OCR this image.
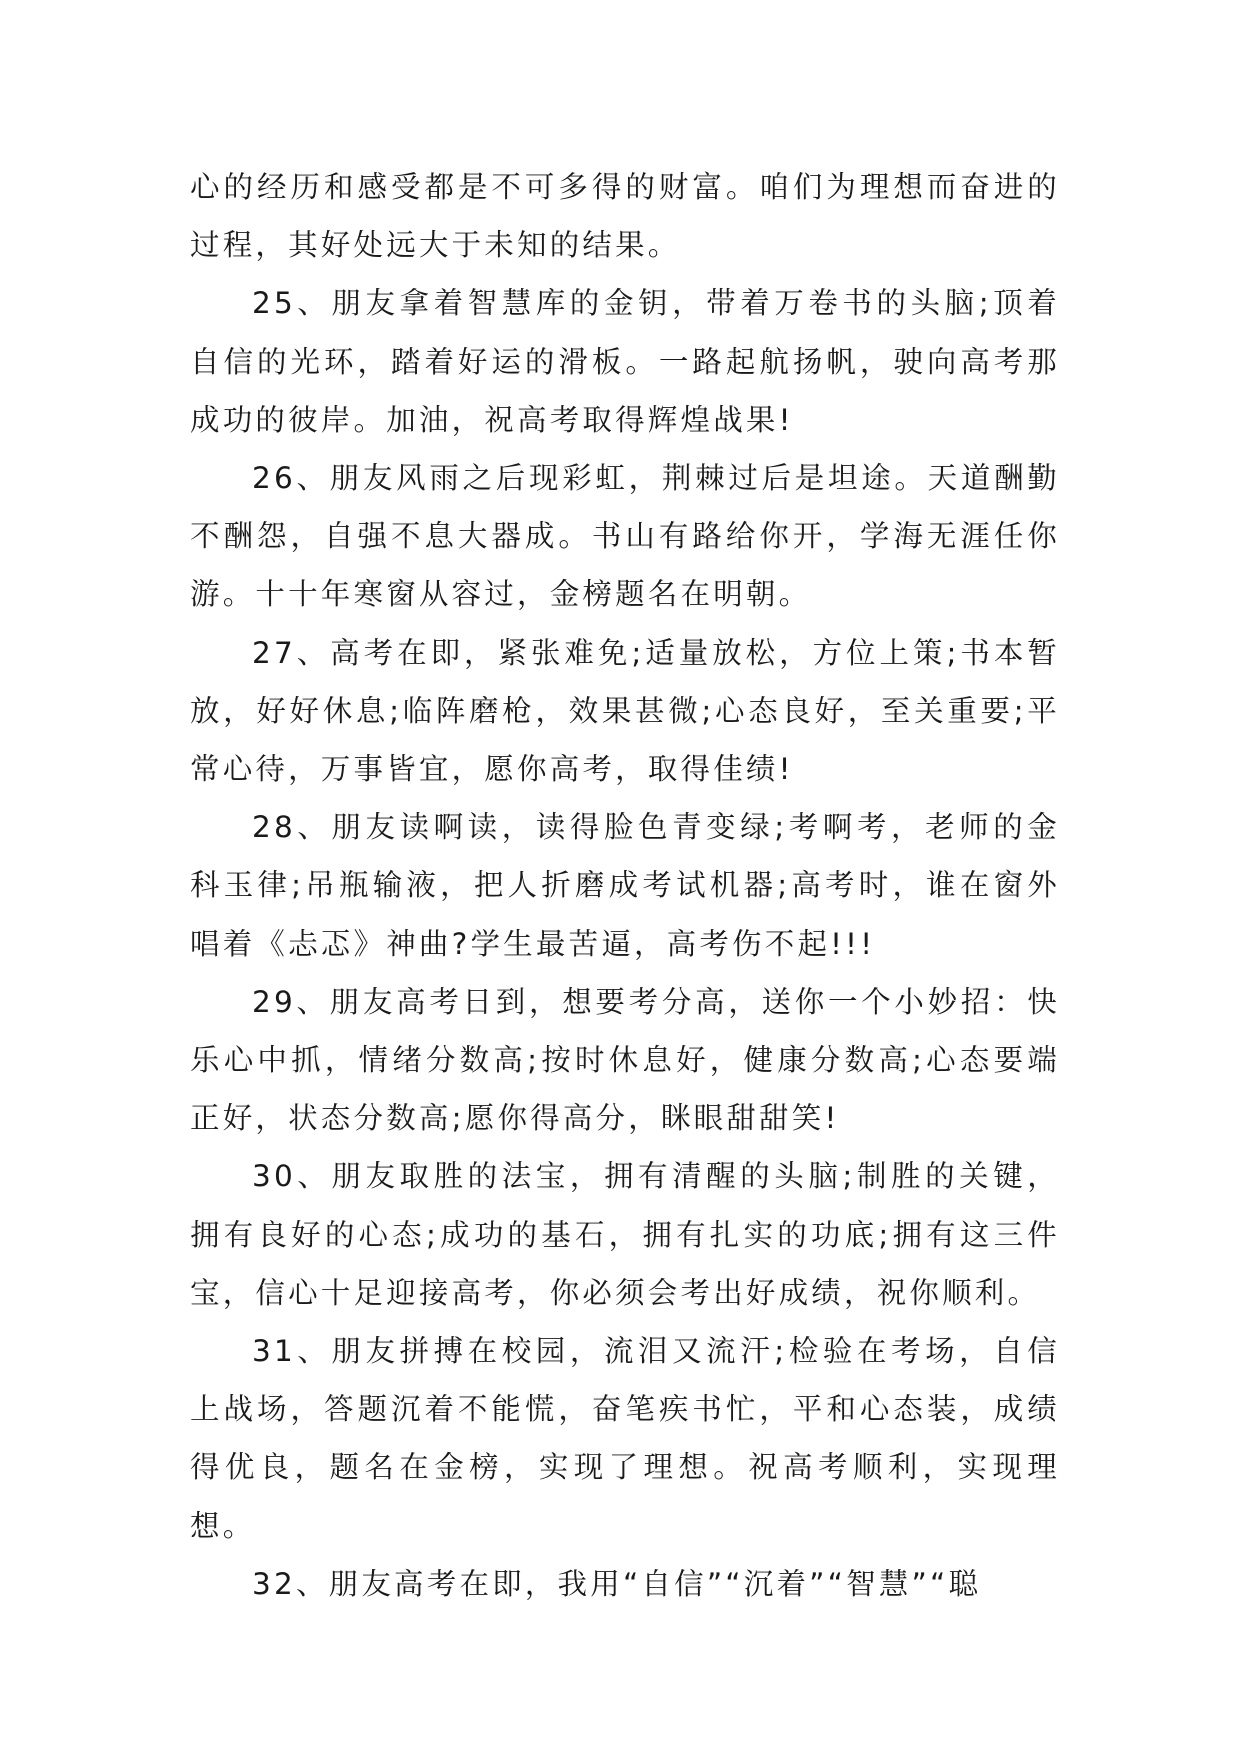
心的经历和感受都是不可多得的财富。咱们为理想而奋进的过程，其好处远大于未知的结果。

25、朋友拿着智慧库的金钥，带着万卷书的头脑;顶着自信的光环，踏着好运的滑板。一路起航扬帆，驶向高考那成功的彼岸。加油，祝高考取得辉煌战果!

26、朋友风雨之后现彩虹，荆棘过后是坦途。天道酬勤不酬怨，自强不息大器成。书山有路给你开，学海无涯任你游。十十年寒窗从容过，金榜题名在明朝。

27、高考在即，紧张难免;适量放松，方位上策;书本暂放，好好休息;临阵磨枪，效果甚微;心态良好，至关重要;平常心待，万事皆宜，愿你高考，取得佳绩!

28、朋友读啊读，读得脸色青变绿;考啊考，老师的金科玉律;吊瓶输液，把人折磨成考试机器;高考时，谁在窗外唱着《忐忑》神曲?学生最苦逼，高考伤不起!!!

29、朋友高考日到，想要考分高，送你一个小妙招：快乐心中抓，情绪分数高;按时休息好，健康分数高;心态要端正好，状态分数高;愿你得高分，眯眼甜甜笑!

30、朋友取胜的法宝，拥有清醒的头脑;制胜的关键，拥有良好的心态;成功的基石，拥有扎实的功底;拥有这三件宝，信心十足迎接高考，你必须会考出好成绩，祝你顺利。

31、朋友拼搏在校园，流泪又流汗;检验在考场，自信上战场，答题沉着不能慌，奋笔疾书忙，平和心态装，成绩得优良，题名在金榜，实现了理想。祝高考顺利，实现理想。

32、朋友高考在即，我用“自信”“沉着”“智慧”“聪
